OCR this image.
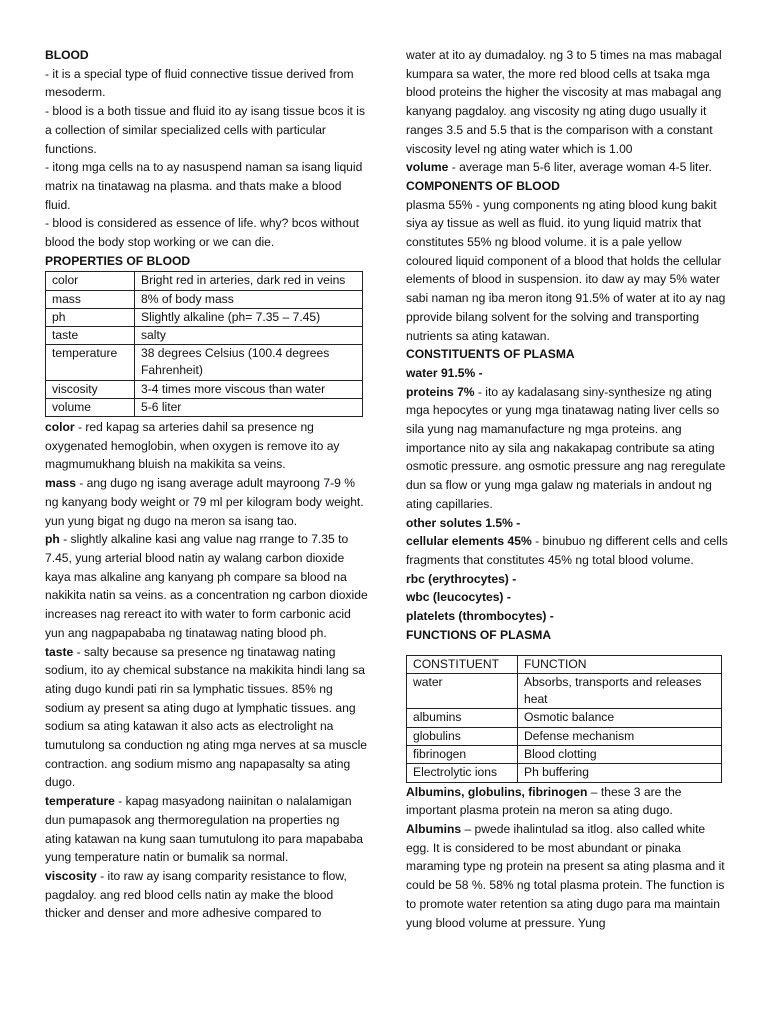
BLOOD

- it is a special type of fluid connective tissue derived from mesoderm.

- blood is a both tissue and fluid ito ay isang tissue bcos it is a collection of similar specialized cells with particular functions.

- itong mga cells na to ay nasuspend naman sa isang liquid matrix na tinatawag na plasma. and thats make a blood fluid.

- blood is considered as essence of life. why? bcos without blood the body stop working or we can die.

PROPERTIES OF BLOOD

color	Bright red in arteries, dark red in veins
mass	8% of body mass
ph	Slightly alkaline (ph= 7.35 – 7.45)
taste	salty
temperature	38 degrees Celsius (100.4 degrees Fahrenheit)
viscosity	3-4 times more viscous than water
volume	5-6 liter

color - red kapag sa arteries dahil sa presence ng oxygenated hemoglobin, when oxygen is remove ito ay magmumukhang bluish na makikita sa veins.

mass - ang dugo ng isang average adult mayroong 7-9 % ng kanyang body weight or 79 ml per kilogram body weight. yun yung bigat ng dugo na meron sa isang tao.

ph - slightly alkaline kasi ang value nag rrange to 7.35 to 7.45, yung arterial blood natin ay walang carbon dioxide kaya mas alkaline ang kanyang ph compare sa blood na nakikita natin sa veins. as a concentration ng carbon dioxide increases nag rereact ito with water to form carbonic acid yun ang nagpapababa ng tinatawag nating blood ph.

taste - salty because sa presence ng tinatawag nating sodium, ito ay chemical substance na makikita hindi lang sa ating dugo kundi pati rin sa lymphatic tissues. 85% ng sodium ay present sa ating dugo at lymphatic tissues. ang sodium sa ating katawan it also acts as electrolight na tumutulong sa conduction ng ating mga nerves at sa muscle contraction. ang sodium mismo ang napapasalty sa ating dugo.

temperature - kapag masyadong naiinitan o nalalamigan dun pumapasok ang thermoregulation na properties ng ating katawan na kung saan tumutulong ito para mapababa yung temperature natin or bumalik sa normal.

viscosity - ito raw ay isang comparity resistance to flow, pagdaloy. ang red blood cells natin ay make the blood thicker and denser and more adhesive compared to

water at ito ay dumadaloy. ng 3 to 5 times na mas mabagal kumpara sa water, the more red blood cells at tsaka mga blood proteins the higher the viscosity at mas mabagal ang kanyang pagdaloy. ang viscosity ng ating dugo usually it ranges 3.5 and 5.5 that is the comparison with a constant viscosity level ng ating water which is 1.00

volume - average man 5-6 liter, average woman 4-5 liter.

COMPONENTS OF BLOOD

plasma 55% - yung components ng ating blood kung bakit siya ay tissue as well as fluid. ito yung liquid matrix that constitutes 55% ng blood volume. it is a pale yellow coloured liquid component of a blood that holds the cellular elements of blood in suspension. ito daw ay may 5% water sabi naman ng iba meron itong 91.5% of water at ito ay nag pprovide bilang solvent for the solving and transporting nutrients sa ating katawan.

CONSTITUENTS OF PLASMA

water 91.5% -

proteins 7% - ito ay kadalasang siny-synthesize ng ating mga hepocytes or yung mga tinatawag nating liver cells so sila yung nag mamanufacture ng mga proteins. ang importance nito ay sila ang nakakapag contribute sa ating osmotic pressure. ang osmotic pressure ang nag reregulate dun sa flow or yung mga galaw ng materials in andout ng ating capillaries.

other solutes 1.5% -

cellular elements 45% - binubuo ng different cells and cells fragments that constitutes 45% ng total blood volume.

rbc (erythrocytes) -

wbc (leucocytes) -

platelets (thrombocytes) -

FUNCTIONS OF PLASMA

CONSTITUENT	FUNCTION
water	Absorbs, transports and releases heat
albumins	Osmotic balance
globulins	Defense mechanism
fibrinogen	Blood clotting
Electrolytic ions	Ph buffering

Albumins, globulins, fibrinogen – these 3 are the important plasma protein na meron sa ating dugo.

Albumins – pwede ihalintulad sa itlog. also called white egg. It is considered to be most abundant or pinaka maraming type ng protein na present sa ating plasma and it could be 58 %. 58% ng total plasma protein. The function is to promote water retention sa ating dugo para ma maintain yung blood volume at pressure. Yung
